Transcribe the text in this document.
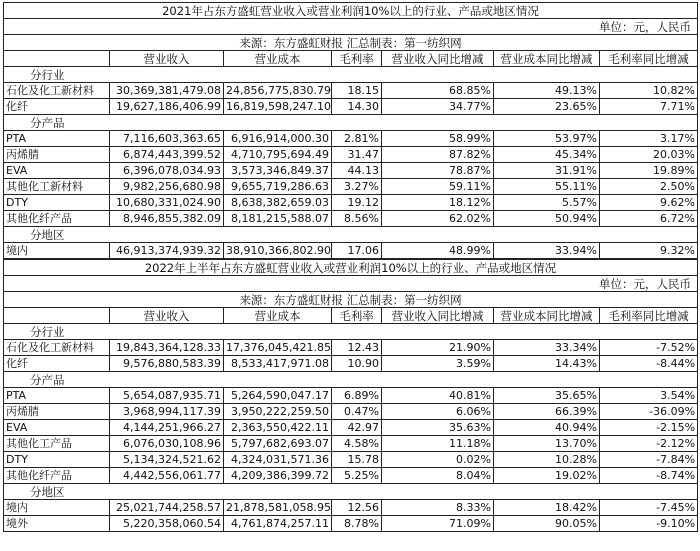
2021年占东方盛虹营业收入或营业利润10%以上的行业、产品或地区情况						
单位：元，人民币						
来源：东方盛虹财报 汇总制表：第一纺织网						
	营业收入	营业成本	毛利率	营业收入同比增减	营业成本同比增减	毛利率同比增减
分行业						
石化及化工新材料	30,369,381,479.08	24,856,775,830.79	18.15	68.85%	49.13%	10.82%
化纤	19,627,186,406.99	16,819,598,247.10	14.30	34.77%	23.65%	7.71%
分产品						
PTA	7,116,603,363.65	6,916,914,000.30	2.81%	58.99%	53.97%	3.17%
丙烯腈	6,874,443,399.52	4,710,795,694.49	31.47	87.82%	45.34%	20.03%
EVA	6,396,078,034.93	3,573,346,849.37	44.13	78.87%	31.91%	19.89%
其他化工新材料	9,982,256,680.98	9,655,719,286.63	3.27%	59.11%	55.11%	2.50%
DTY	10,680,331,024.90	8,638,382,659.03	19.12	18.12%	5.57%	9.62%
其他化纤产品	8,946,855,382.09	8,181,215,588.07	8.56%	62.02%	50.94%	6.72%
分地区						
境内	46,913,374,939.32	38,910,366,802.90	17.06	48.99%	33.94%	9.32%
2022年上半年占东方盛虹营业收入或营业利润10%以上的行业、产品或地区情况						
单位：元，人民币						
来源：东方盛虹财报 汇总制表：第一纺织网						
	营业收入	营业成本	毛利率	营业收入同比增减	营业成本同比增减	毛利率同比增减
分行业						
石化及化工新材料	19,843,364,128.33	17,376,045,421.85	12.43	21.90%	33.34%	-7.52%
化纤	9,576,880,583.39	8,533,417,971.08	10.90	3.59%	14.43%	-8.44%
分产品						
PTA	5,654,087,935.71	5,264,590,047.17	6.89%	40.81%	35.65%	3.54%
丙烯腈	3,968,994,117.39	3,950,222,259.50	0.47%	6.06%	66.39%	-36.09%
EVA	4,144,251,966.27	2,363,550,422.11	42.97	35.63%	40.94%	-2.15%
其他化工产品	6,076,030,108.96	5,797,682,693.07	4.58%	11.18%	13.70%	-2.12%
DTY	5,134,324,521.62	4,324,031,571.36	15.78	0.02%	10.28%	-7.84%
其他化纤产品	4,442,556,061.77	4,209,386,399.72	5.25%	8.04%	19.02%	-8.74%
分地区						
境内	25,021,744,258.57	21,878,581,058.95	12.56	8.33%	18.42%	-7.45%
境外	5,220,358,060.54	4,761,874,257.11	8.78%	71.09%	90.05%	-9.10%
